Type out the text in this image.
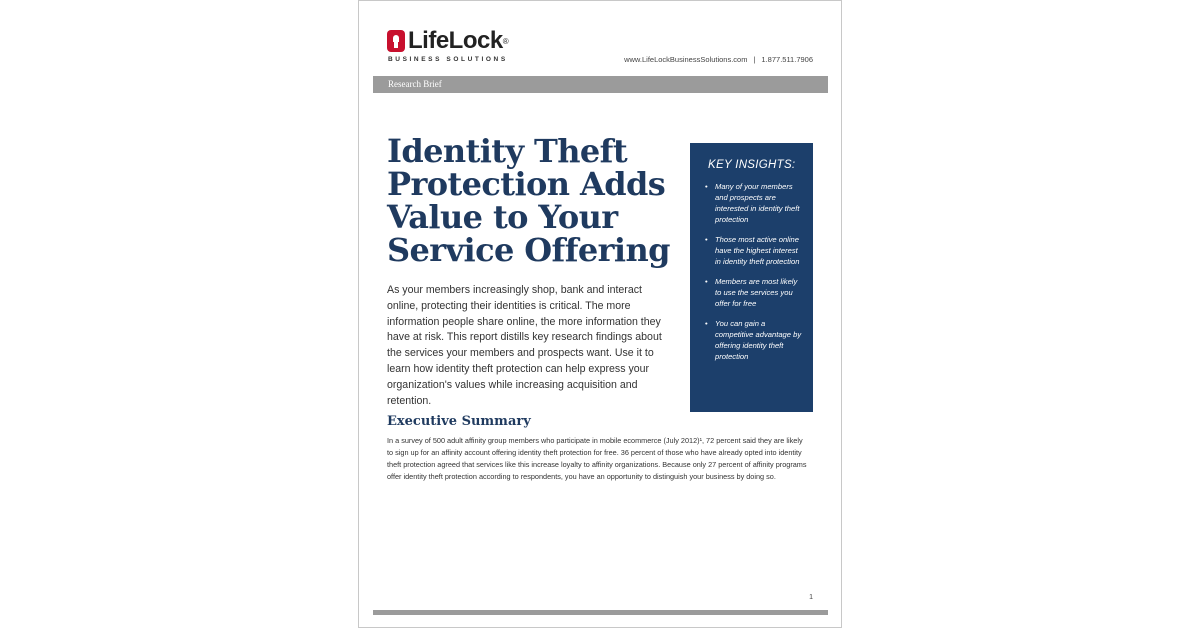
LifeLock ®
BUSINESS SOLUTIONS	www.LifeLockBusinessSolutions.com | 1.877.511.7906
Research Brief
Identity Theft Protection Adds Value to Your Service Offering

As your members increasingly shop, bank and interact online, protecting their identities is critical. The more information people share online, the more information they have at risk. This report distills key research findings about the services your members and prospects want. Use it to learn how identity theft protection can help express your organization's values while increasing acquisition and retention.

KEY INSIGHTS:
• Many of your members and prospects are interested in identity theft protection
• Those most active online have the highest interest in identity theft protection
• Members are most likely to use the services you offer for free
• You can gain a competitive advantage by offering identity theft protection
Executive Summary

In a survey of 500 adult affinity group members who participate in mobile ecommerce (July 2012)¹, 72 percent said they are likely to sign up for an affinity account offering identity theft protection for free. 36 percent of those who have already opted into identity theft protection agreed that services like this increase loyalty to affinity organizations. Because only 27 percent of affinity programs offer identity theft protection according to respondents, you have an opportunity to distinguish your business by doing so.

1
